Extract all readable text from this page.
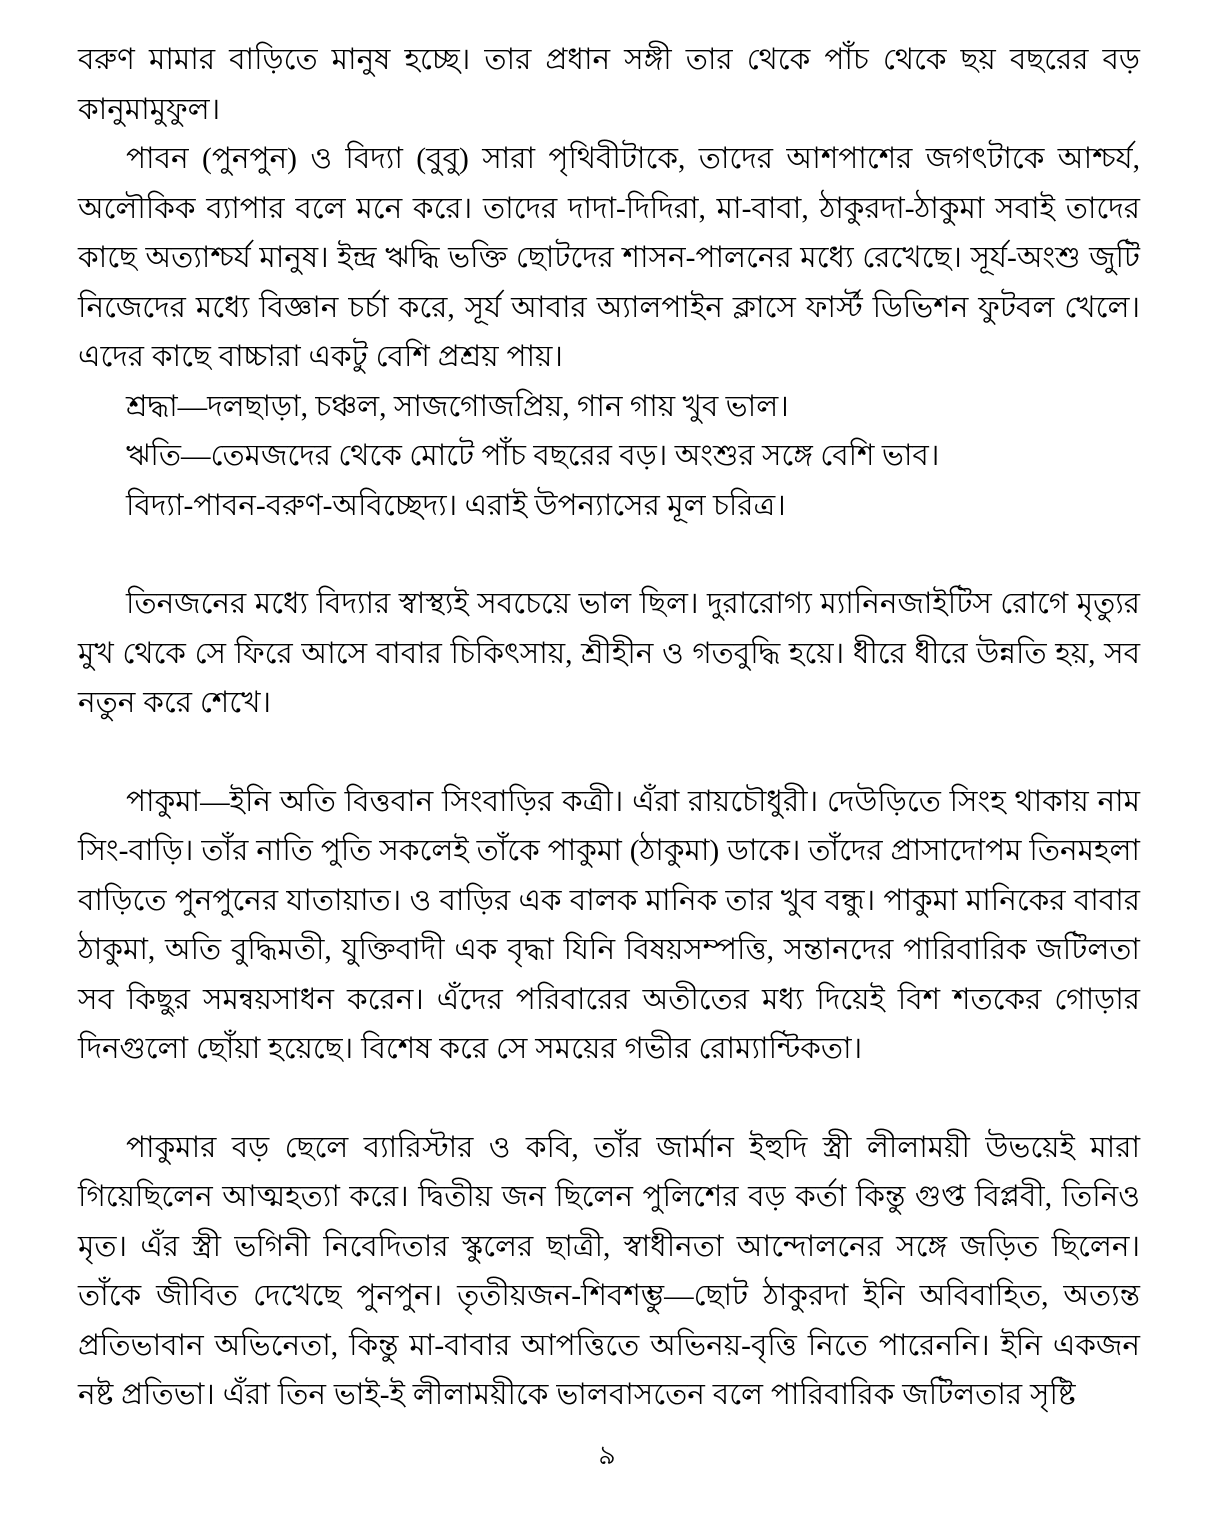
বরুণ মামার বাড়িতে মানুষ হচ্ছে। তার প্রধান সঙ্গী তার থেকে পাঁচ থেকে ছয় বছরের বড় কানুমামুফুল।

পাবন (পুনপুন) ও বিদ্যা (বুবু) সারা পৃথিবীটাকে, তাদের আশপাশের জগৎটাকে আশ্চর্য, অলৌকিক ব্যাপার বলে মনে করে। তাদের দাদা-দিদিরা, মা-বাবা, ঠাকুরদা-ঠাকুমা সবাই তাদের কাছে অত্যাশ্চর্য মানুষ। ইন্দ্র ঋদ্ধি ভক্তি ছোটদের শাসন-পালনের মধ্যে রেখেছে। সূর্য-অংশু জুটি নিজেদের মধ্যে বিজ্ঞান চর্চা করে, সূর্য আবার অ্যালপাইন ক্লাসে ফার্স্ট ডিভিশন ফুটবল খেলে। এদের কাছে বাচ্চারা একটু বেশি প্রশ্রয় পায়।

শ্রদ্ধা—দলছাড়া, চঞ্চল, সাজগোজপ্রিয়, গান গায় খুব ভাল।

ঋতি—তেমজদের থেকে মোটে পাঁচ বছরের বড়। অংশুর সঙ্গে বেশি ভাব।

বিদ্যা-পাবন-বরুণ-অবিচ্ছেদ্য। এরাই উপন্যাসের মূল চরিত্র।

তিনজনের মধ্যে বিদ্যার স্বাস্থ্যই সবচেয়ে ভাল ছিল। দুরারোগ্য ম্যানিনজাইটিস রোগে মৃত্যুর মুখ থেকে সে ফিরে আসে বাবার চিকিৎসায়, শ্রীহীন ও গতবুদ্ধি হয়ে। ধীরে ধীরে উন্নতি হয়, সব নতুন করে শেখে।

পাকুমা—ইনি অতি বিত্তবান সিংবাড়ির কত্রী। এঁরা রায়চৌধুরী। দেউড়িতে সিংহ থাকায় নাম সিং-বাড়ি। তাঁর নাতি পুতি সকলেই তাঁকে পাকুমা (ঠাকুমা) ডাকে। তাঁদের প্রাসাদোপম তিনমহলা বাড়িতে পুনপুনের যাতায়াত। ও বাড়ির এক বালক মানিক তার খুব বন্ধু। পাকুমা মানিকের বাবার ঠাকুমা, অতি বুদ্ধিমতী, যুক্তিবাদী এক বৃদ্ধা যিনি বিষয়সম্পত্তি, সন্তানদের পারিবারিক জটিলতা সব কিছুর সমন্বয়সাধন করেন। এঁদের পরিবারের অতীতের মধ্য দিয়েই বিশ শতকের গোড়ার দিনগুলো ছোঁয়া হয়েছে। বিশেষ করে সে সময়ের গভীর রোম্যান্টিকতা।

পাকুমার বড় ছেলে ব্যারিস্টার ও কবি, তাঁর জার্মান ইহুদি স্ত্রী লীলাময়ী উভয়েই মারা গিয়েছিলেন আত্মহত্যা করে। দ্বিতীয় জন ছিলেন পুলিশের বড় কর্তা কিন্তু গুপ্ত বিপ্লবী, তিনিও মৃত। এঁর স্ত্রী ভগিনী নিবেদিতার স্কুলের ছাত্রী, স্বাধীনতা আন্দোলনের সঙ্গে জড়িত ছিলেন। তাঁকে জীবিত দেখেছে পুনপুন। তৃতীয়জন-শিবশম্ভু—ছোট ঠাকুরদা ইনি অবিবাহিত, অত্যন্ত প্রতিভাবান অভিনেতা, কিন্তু মা-বাবার আপত্তিতে অভিনয়-বৃত্তি নিতে পারেননি। ইনি একজন নষ্ট প্রতিভা। এঁরা তিন ভাই-ই লীলাময়ীকে ভালবাসতেন বলে পারিবারিক জটিলতার সৃষ্টি

৯
